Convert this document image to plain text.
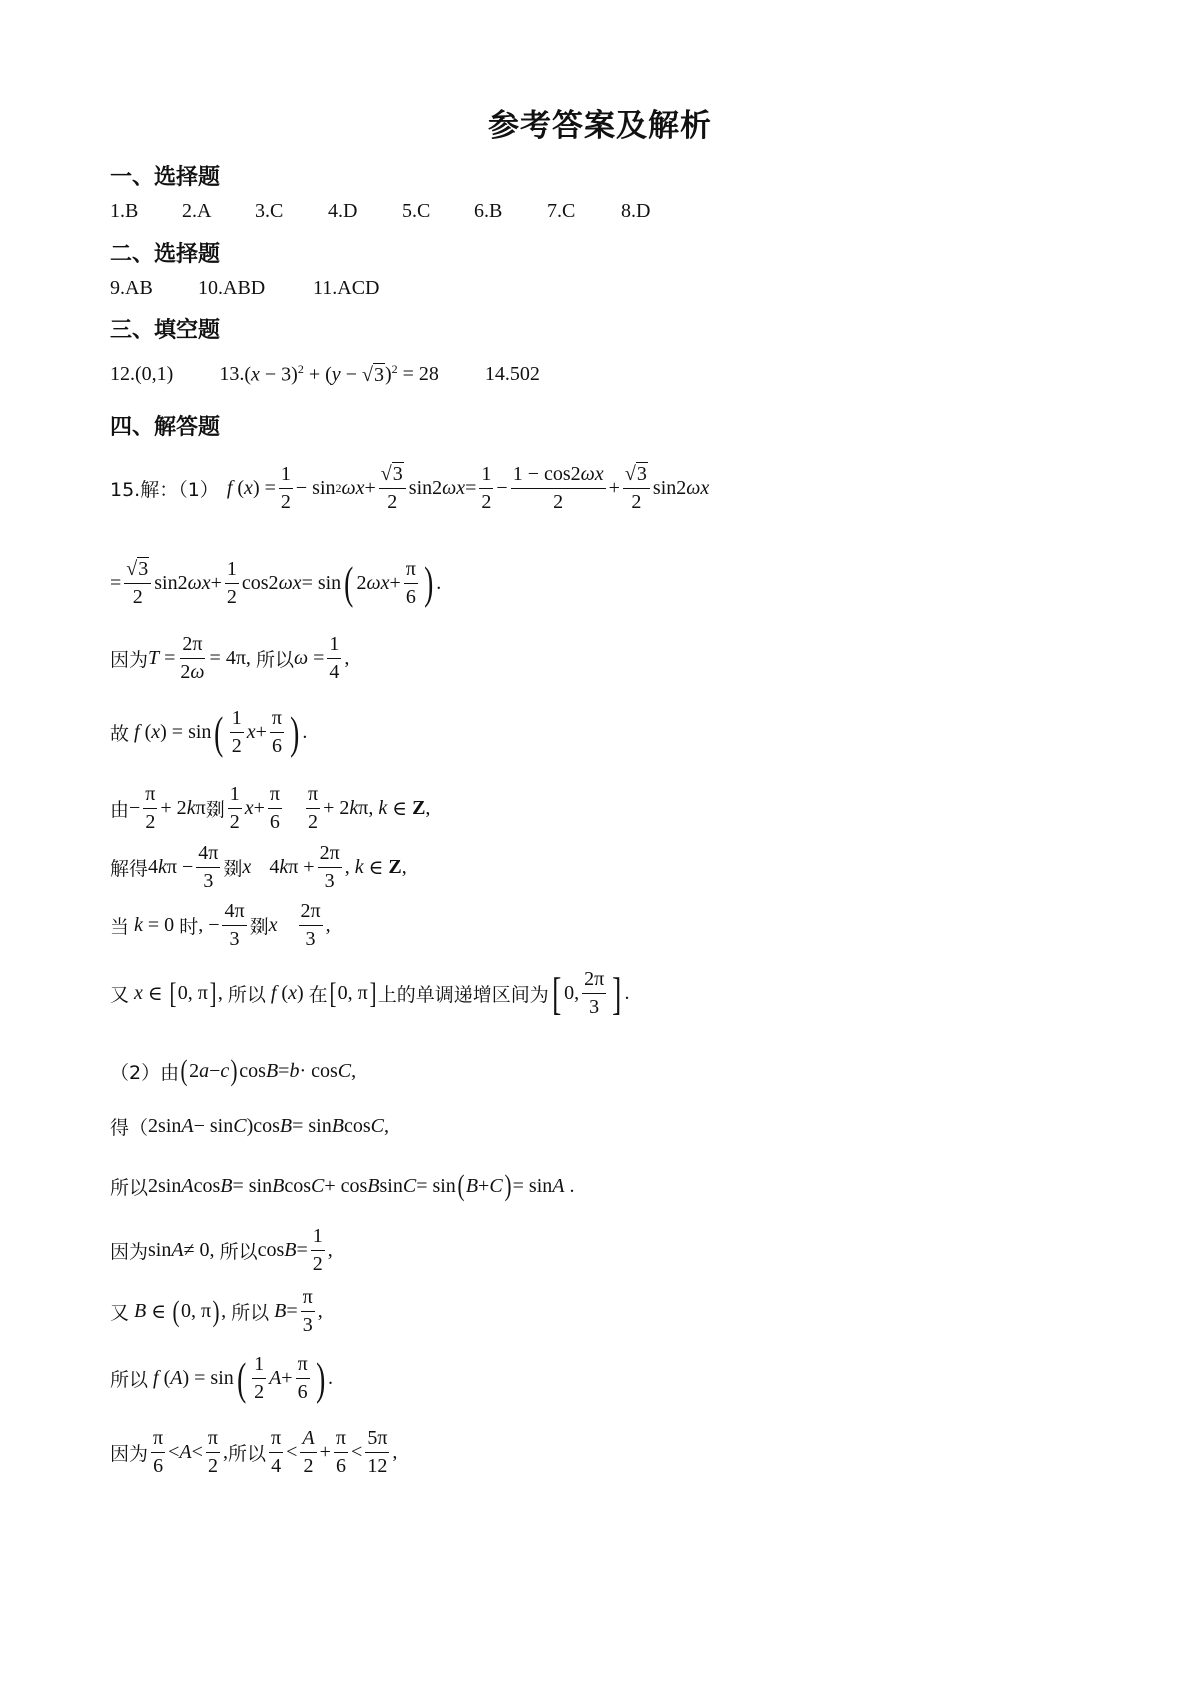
参考答案及解析
一、选择题
1.B 2.A 3.C 4.D 5.C 6.B 7.C 8.D
二、选择题
9.AB 10.ABD 11.ACD
三、填空题
12. (0,1) 13. $(x - 3)^2 + (y$ − √ 3 )$^2$
= 28 14.502
四、解答题
15.解：（1） f ( x ) =
1
2
− sin 2 ωx +
√ 3
2
sin2 ωx =
1
2
−
1 − cos2ωx
2
+
√ 3
2
sin2 ωx
=
√ 3
2
sin2 ωx +
1
2
cos2 ωx = sin ( 2 ωx +
π
6 ) .
因为 T =
2π
2ω
= 4π, 所以 ω =
1
4
,
故
f ( x ) = sin ( 1
2
x +
π
6 ) .
由 −
π
2
+ 2 k π 剟
1
2
x +
π
6
π
2
+ 2 k π, k ∈ Z ,
解得 4 k π −
4π
3
剟 x 4 k π +
2π
3
, k ∈ Z ,
当
k = 0 时 , −
4π
3
剟 x
2π
3
,
又
x ∈ [ 0, π ] , 所以
f ( x ) 在 [ 0, π ] 上的单调递增区间为 [ 0,
2π
3 ] .
（2）由 ( 2 a − c ) cos B = b · cos C ,
得 （ 2sin A − sin C )cos B = sin B cos C ,
所以 2sin A cos B = sin B cos C + cos B sin C = sin ( B + C ) = sin A .
因为 sin A ≠ 0, 所以 cos B =
1
2
,
又
B ∈ ( 0, π ) , 所以
B =
π
3
,
所以
f ( A ) = sin ( 1
2
A +
π
6 ) .
因为
π
6
< A <
π
2
, 所以
π
4
<
A
2
+
π
6
<
5π
12
,
